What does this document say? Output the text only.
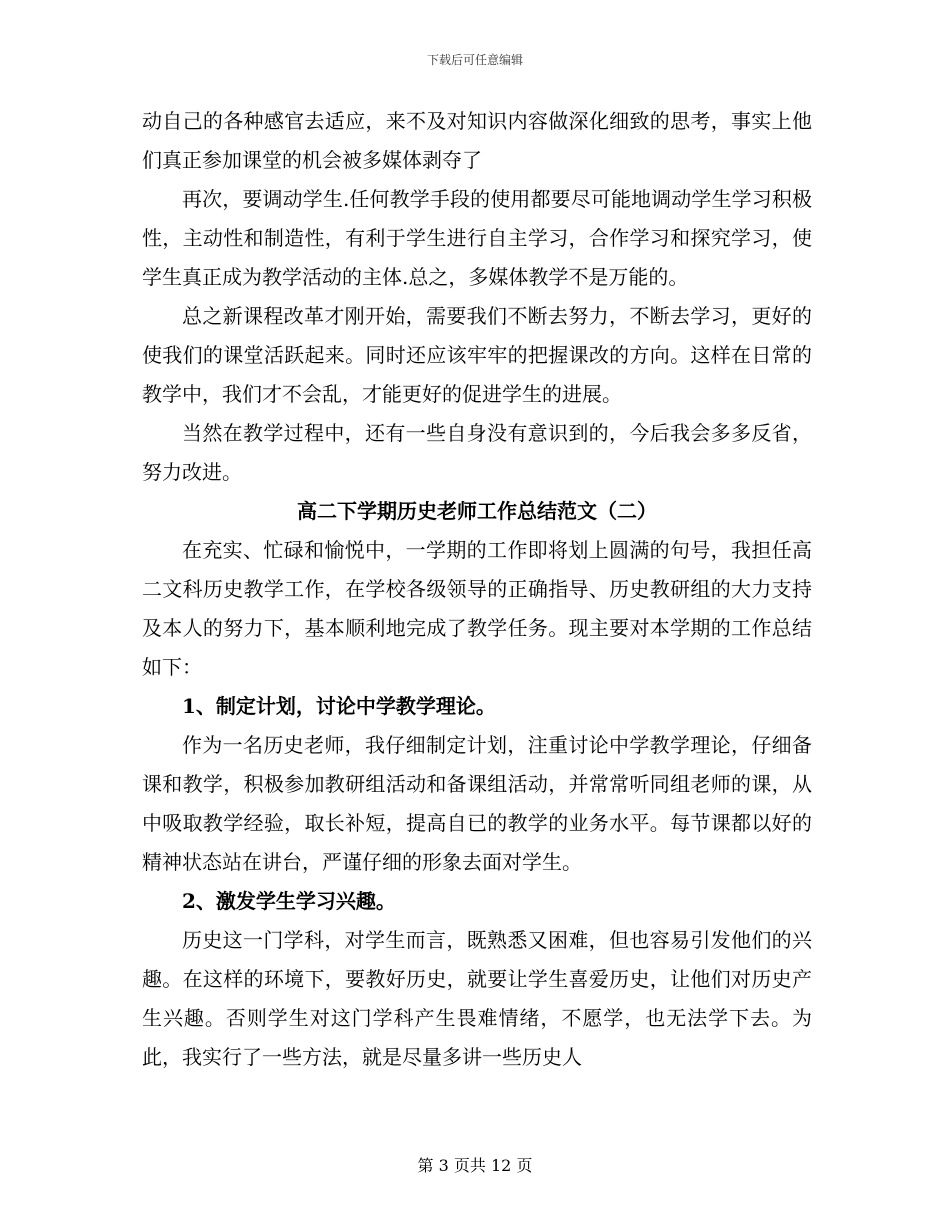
下载后可任意编辑

动自己的各种感官去适应，来不及对知识内容做深化细致的思考，事实上他们真正参加课堂的机会被多媒体剥夺了

再次，要调动学生.任何教学手段的使用都要尽可能地调动学生学习积极性，主动性和制造性，有利于学生进行自主学习，合作学习和探究学习，使学生真正成为教学活动的主体.总之，多媒体教学不是万能的。

总之新课程改革才刚开始，需要我们不断去努力，不断去学习，更好的使我们的课堂活跃起来。同时还应该牢牢的把握课改的方向。这样在日常的教学中，我们才不会乱，才能更好的促进学生的进展。

当然在教学过程中，还有一些自身没有意识到的，今后我会多多反省，努力改进。

高二下学期历史老师工作总结范文（二）

在充实、忙碌和愉悦中，一学期的工作即将划上圆满的句号，我担任高二文科历史教学工作，在学校各级领导的正确指导、历史教研组的大力支持及本人的努力下，基本顺利地完成了教学任务。现主要对本学期的工作总结如下：

1、制定计划，讨论中学教学理论。

作为一名历史老师，我仔细制定计划，注重讨论中学教学理论，仔细备课和教学，积极参加教研组活动和备课组活动，并常常听同组老师的课，从中吸取教学经验，取长补短，提高自已的教学的业务水平。每节课都以好的精神状态站在讲台，严谨仔细的形象去面对学生。

2、激发学生学习兴趣。

历史这一门学科，对学生而言，既熟悉又困难，但也容易引发他们的兴趣。在这样的环境下，要教好历史，就要让学生喜爱历史，让他们对历史产生兴趣。否则学生对这门学科产生畏难情绪，不愿学，也无法学下去。为此，我实行了一些方法，就是尽量多讲一些历史人

第 3 页共 12 页
